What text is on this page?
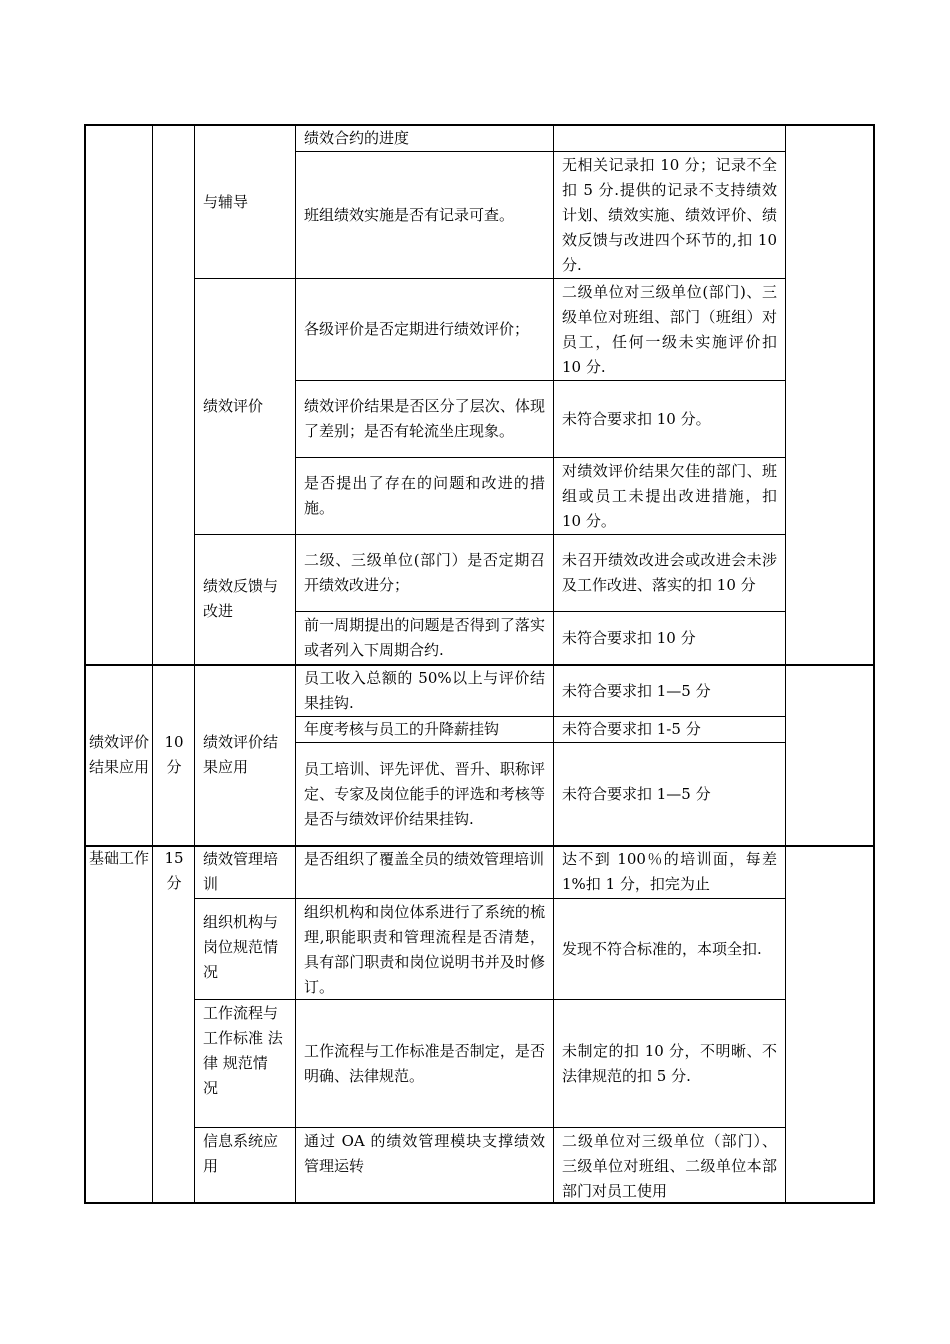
绩效评价结果应用
基础工作
10 分
15 分
与辅导
绩效评价
绩效反馈与改进
绩效评价结果应用
绩效管理培训
组织机构与岗位规范情况
工作流程与工作标准 法 律 规范情
况
信息系统应用
绩效合约的进度
班组绩效实施是否有记录可查。
各级评价是否定期进行绩效评价；
绩效评价结果是否区分了层次、体现了差别；是否有轮流坐庄现象。
是否提出了存在的问题和改进的措施。
二级、三级单位(部门）是否定期召开绩效改进分；
前一周期提出的问题是否得到了落实或者列入下周期合约.
员工收入总额的 50%以上与评价结果挂钩.
年度考核与员工的升降薪挂钩
员工培训、评先评优、晋升、职称评定、专家及岗位能手的评选和考核等是否与绩效评价结果挂钩.
是否组织了覆盖全员的绩效管理培训
组织机构和岗位体系进行了系统的梳理,职能职责和管理流程是否清楚，具有部门职责和岗位说明书并及时修订。
工作流程与工作标准是否制定，是否明确、法律规范。
通过 OA 的绩效管理模块支撑绩效管理运转
无相关记录扣 10 分；记录不全扣 5 分.提供的记录不支持绩效计划、绩效实施、绩效评价、绩效反馈与改进四个环节的,扣 10 分.
二级单位对三级单位(部门)、三级单位对班组、部门（班组）对员工，任何一级未实施评价扣 10 分.
未符合要求扣 10 分。
对绩效评价结果欠佳的部门、班组或员工未提出改进措施，扣 10 分。
未召开绩效改进会或改进会未涉及工作改进、落实的扣 10 分
未符合要求扣 10 分
未符合要求扣 1—5 分
未符合要求扣 1-5 分
未符合要求扣 1—5 分
达不到 100％的培训面，每差 1%扣 1 分，扣完为止
发现不符合标准的，本项全扣.
未制定的扣 10 分，不明晰、不法律规范的扣 5 分.
二级单位对三级单位（部门）、三级单位对班组、二级单位本部部门对员工使用
